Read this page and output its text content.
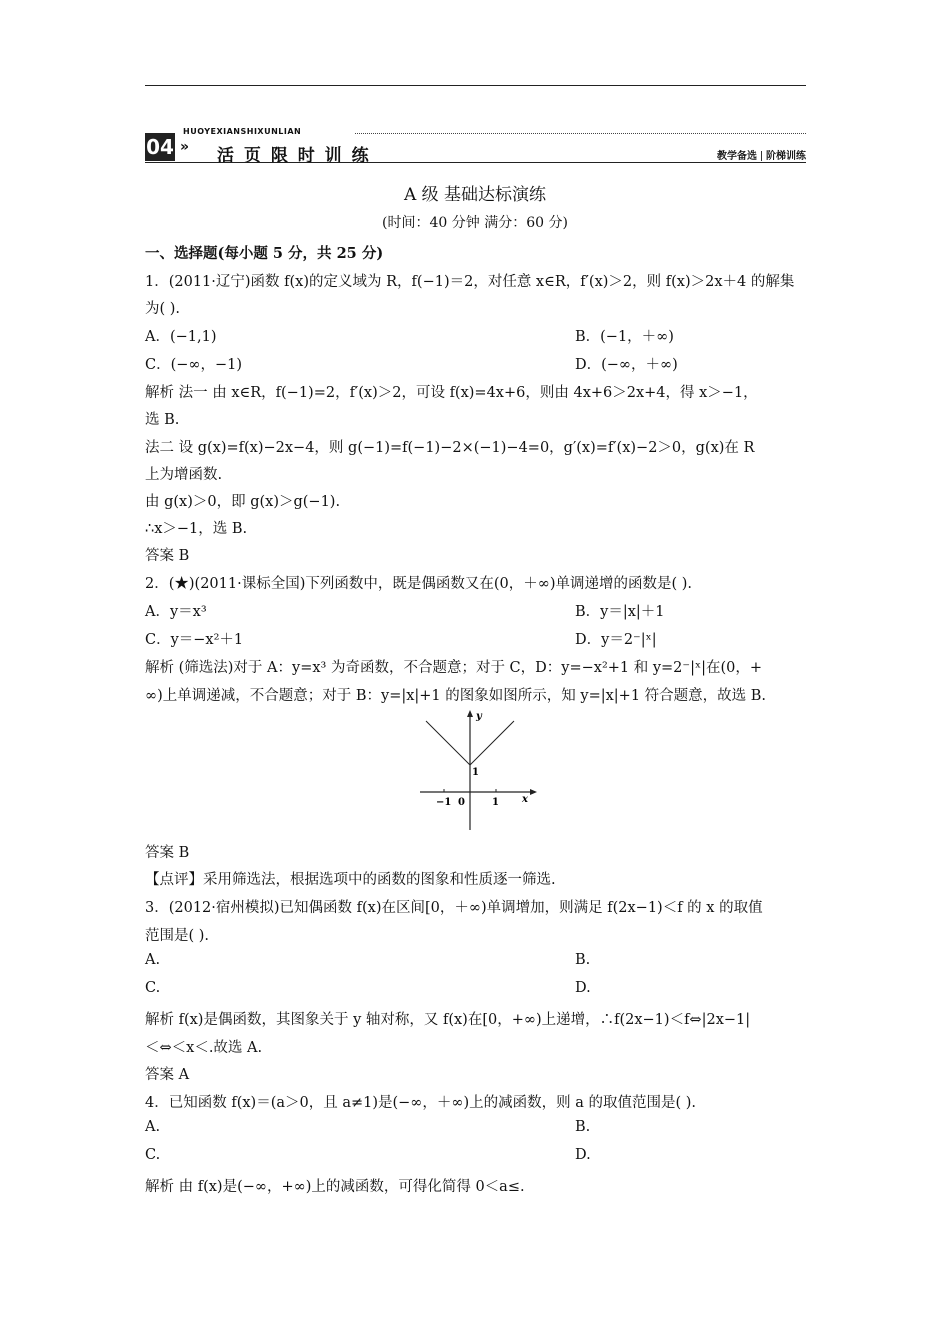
04
HUOYEXIANSHIXUNLIAN
» 活 页 限 时 训 练	教学备选 阶梯训练
A 级 基础达标演练
(时间：40 分钟 满分：60 分)
一、选择题(每小题 5 分，共 25 分)
1．(2011·辽宁)函数 f(x)的定义域为 R，f(−1)＝2，对任意 x∈R，f′(x)＞2，则 f(x)＞2x＋4 的解集
为( ).
A．(−1,1)	B．(−1，＋∞)
C．(−∞，−1)	D．(−∞，＋∞)
解析 法一 由 x∈R，f(−1)=2，f′(x)＞2，可设 f(x)=4x+6，则由 4x+6＞2x+4，得 x＞−1，
选 B.
法二 设 g(x)=f(x)−2x−4，则 g(−1)=f(−1)−2×(−1)−4=0，g′(x)=f′(x)−2＞0，g(x)在 R
上为增函数.
由 g(x)＞0，即 g(x)＞g(−1).
∴x＞−1，选 B.
答案 B
2．(★)(2011·课标全国)下列函数中，既是偶函数又在(0，＋∞)单调递增的函数是( ).
A．y＝x³	B．y＝|x|＋1
C．y＝−x²＋1	D．y＝2⁻|ˣ|
解析 (筛选法)对于 A：y=x³ 为奇函数，不合题意；对于 C，D：y=−x²+1 和 y=2⁻|ˣ|在(0，+
∞)上单调递减，不合题意；对于 B：y=|x|+1 的图象如图所示，知 y=|x|+1 符合题意，故选 B.
y
x
1
−1 0	1
答案 B
【点评】采用筛选法，根据选项中的函数的图象和性质逐一筛选.
3．(2012·宿州模拟)已知偶函数 f(x)在区间[0，＋∞)单调增加，则满足 f(2x−1)＜f 的 x 的取值
范围是( ).
A.	B.
C.	D.
解析 f(x)是偶函数，其图象关于 y 轴对称，又 f(x)在[0，+∞)上递增，∴f(2x−1)＜f⇔|2x−1|
＜⇔＜x＜.故选 A.
答案 A
4．已知函数 f(x)＝(a＞0，且 a≠1)是(−∞，＋∞)上的减函数，则 a 的取值范围是( ).
A.	B.
C.	D.
解析 由 f(x)是(−∞，+∞)上的减函数，可得化简得 0＜a≤.
